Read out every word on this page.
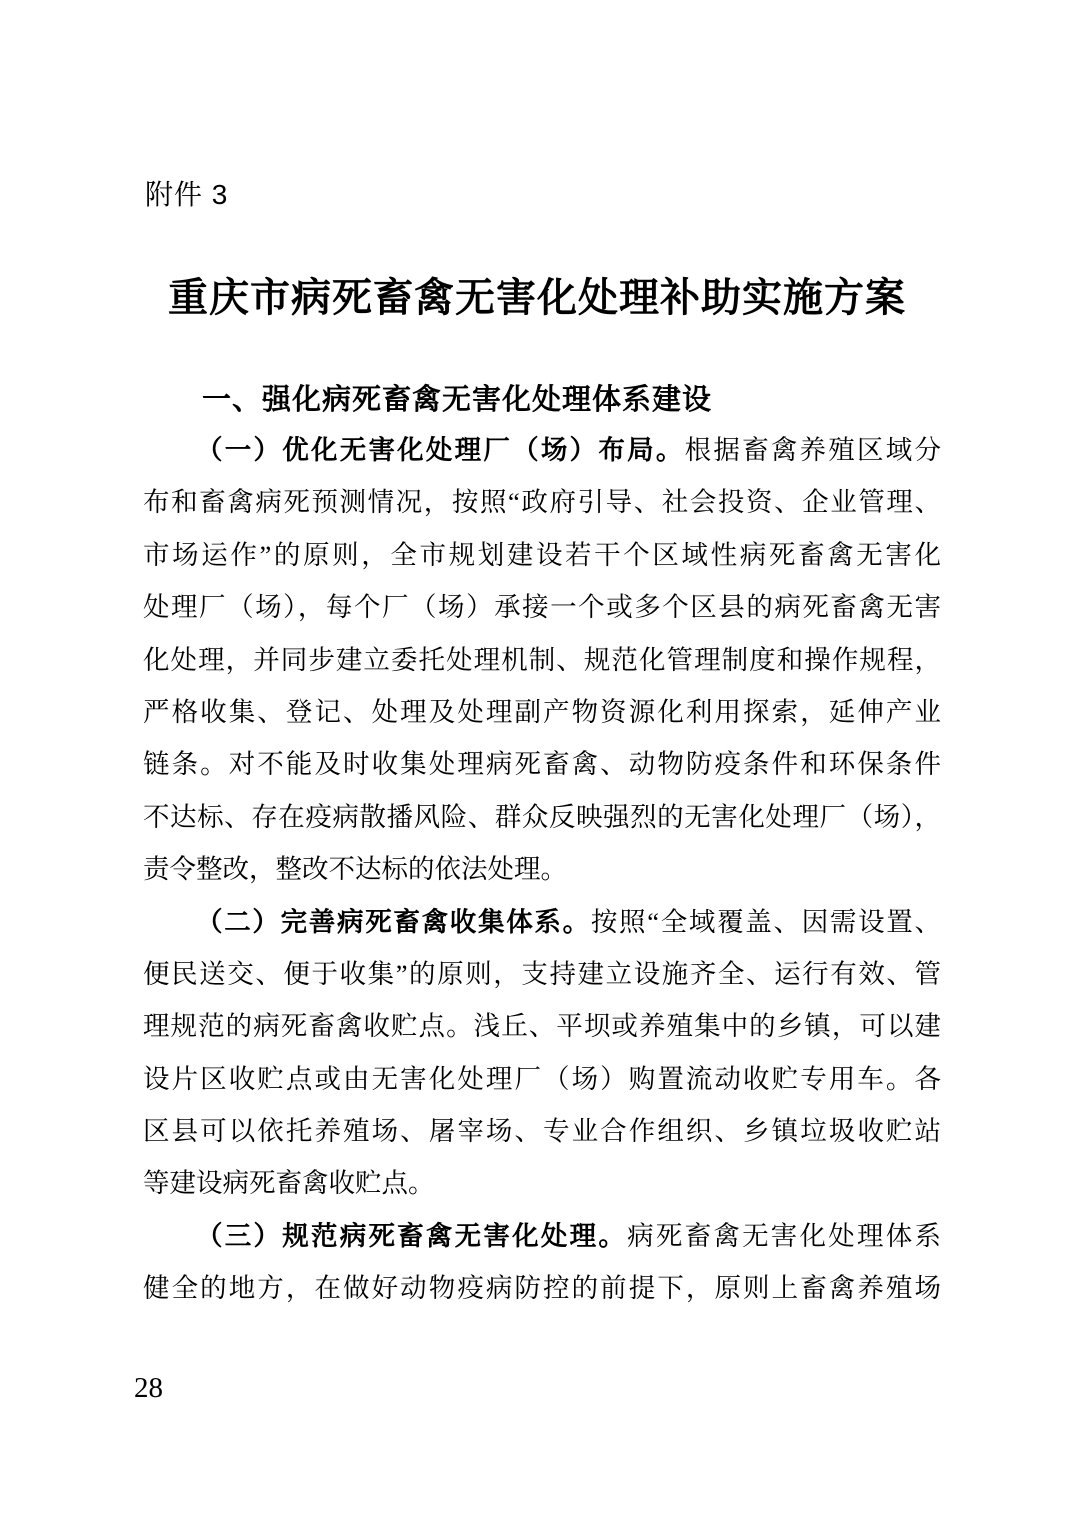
附件 3
重庆市病死畜禽无害化处理补助实施方案
一、强化病死畜禽无害化处理体系建设
（一）优化无害化处理厂（场）布局。根据畜禽养殖区域分
布和畜禽病死预测情况，按照“政府引导、社会投资、企业管理、
市场运作”的原则，全市规划建设若干个区域性病死畜禽无害化
处理厂（场），每个厂（场）承接一个或多个区县的病死畜禽无害
化处理，并同步建立委托处理机制、规范化管理制度和操作规程，
严格收集、登记、处理及处理副产物资源化利用探索，延伸产业
链条。对不能及时收集处理病死畜禽、动物防疫条件和环保条件
不达标、存在疫病散播风险、群众反映强烈的无害化处理厂（场），
责令整改，整改不达标的依法处理。
（二）完善病死畜禽收集体系。按照“全域覆盖、因需设置、
便民送交、便于收集”的原则，支持建立设施齐全、运行有效、管
理规范的病死畜禽收贮点。浅丘、平坝或养殖集中的乡镇，可以建
设片区收贮点或由无害化处理厂（场）购置流动收贮专用车。各
区县可以依托养殖场、屠宰场、专业合作组织、乡镇垃圾收贮站
等建设病死畜禽收贮点。
（三）规范病死畜禽无害化处理。病死畜禽无害化处理体系
健全的地方，在做好动物疫病防控的前提下，原则上畜禽养殖场
28
